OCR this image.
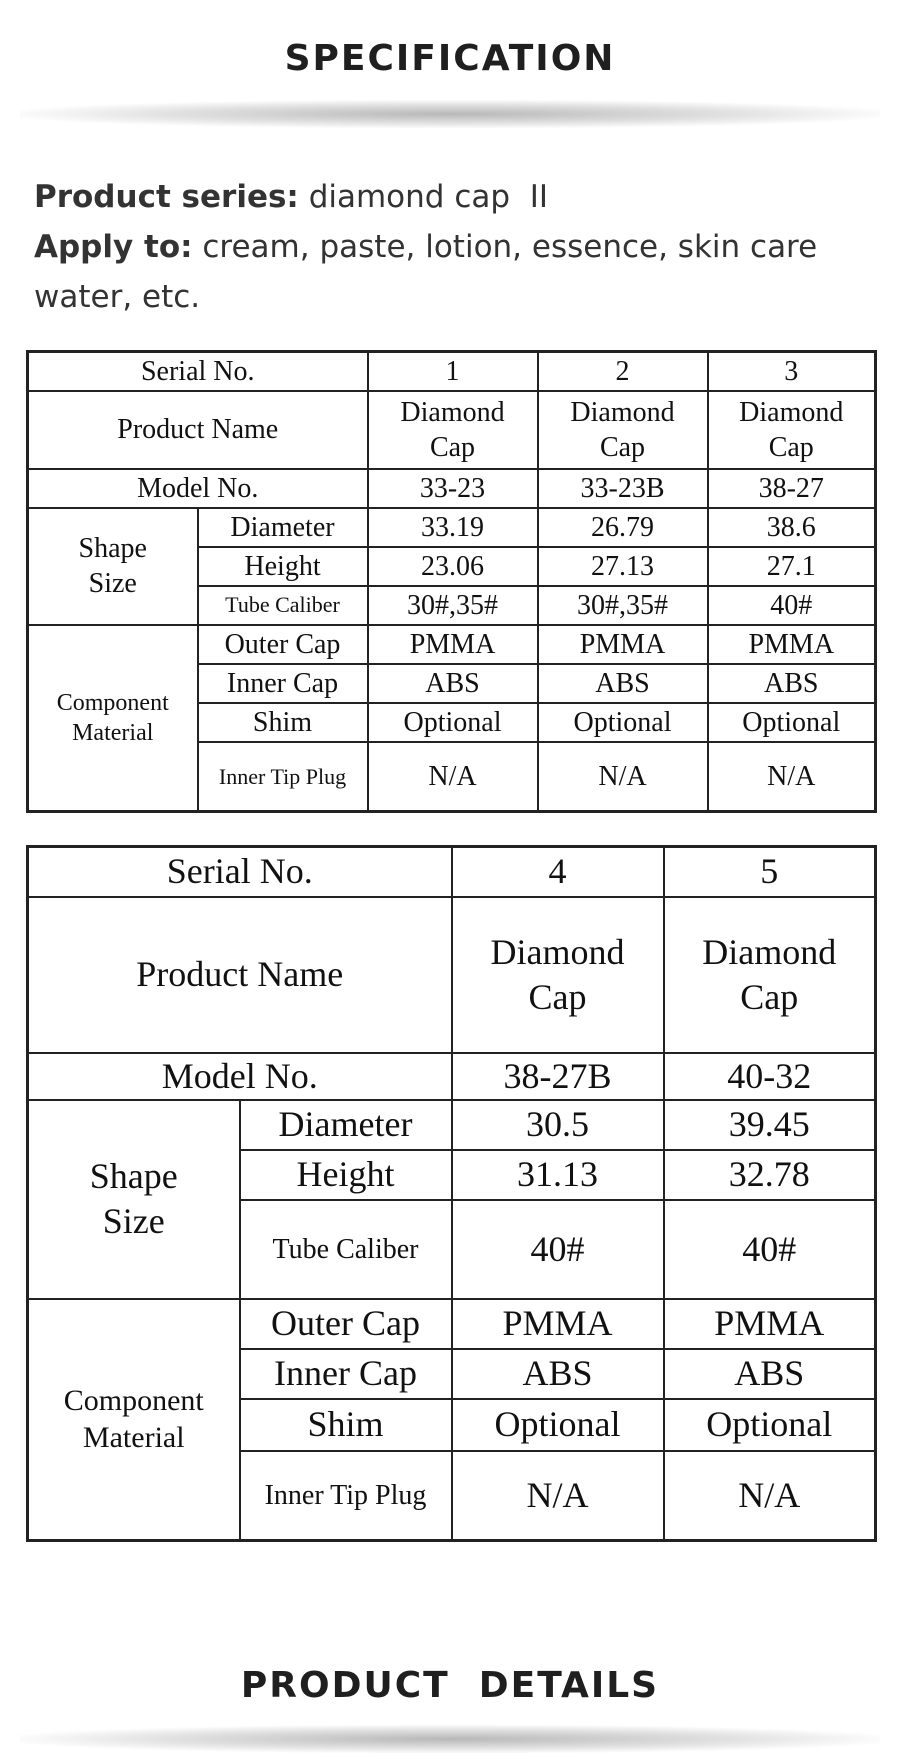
SPECIFICATION
Product series: diamond cap  II
Apply to: cream, paste, lotion, essence, skin care water, etc.
Serial No.		1	2	3
Product Name		Diamond Cap	Diamond Cap	Diamond Cap
Model No.		33-23	33-23B	38-27
Shape Size	Diameter	33.19	26.79	38.6
	Height	23.06	27.13	27.1
	Tube Caliber	30#,35#	30#,35#	40#
Component Material	Outer Cap	PMMA	PMMA	PMMA
	Inner Cap	ABS	ABS	ABS
	Shim	Optional	Optional	Optional
	Inner Tip Plug	N/A	N/A	N/A
Serial No.		4	5
Product Name		Diamond Cap	Diamond Cap
Model No.		38-27B	40-32
Shape Size	Diameter	30.5	39.45
	Height	31.13	32.78
	Tube Caliber	40#	40#
Component Material	Outer Cap	PMMA	PMMA
	Inner Cap	ABS	ABS
	Shim	Optional	Optional
	Inner Tip Plug	N/A	N/A
PRODUCT  DETAILS
